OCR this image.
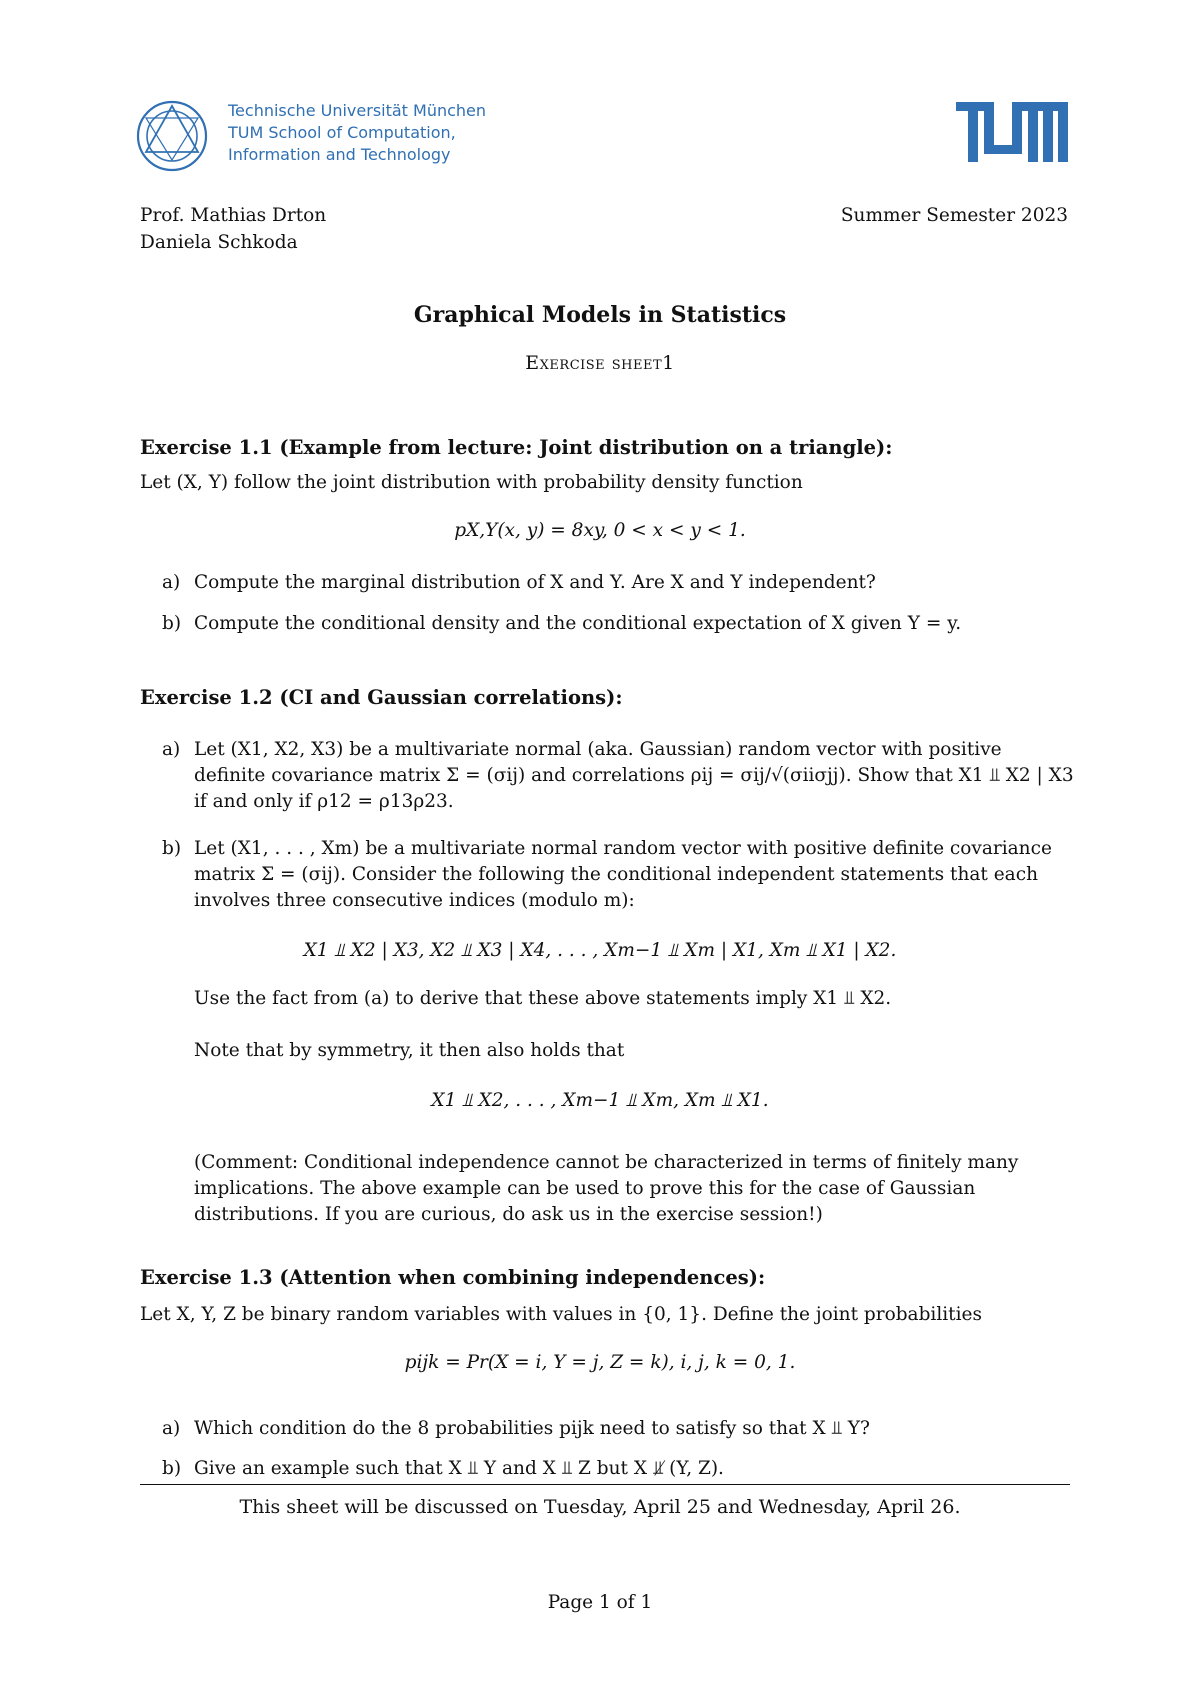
Technische Universität München
TUM School of Computation,
Information and Technology
Prof. Mathias Drton
Daniela Schkoda
Summer Semester 2023
Graphical Models in Statistics
Exercise sheet1
Exercise 1.1 (Example from lecture: Joint distribution on a triangle):
Let (X, Y) follow the joint distribution with probability density function
pX,Y(x, y) = 8xy, 0 < x < y < 1.
a) Compute the marginal distribution of X and Y. Are X and Y independent?
b) Compute the conditional density and the conditional expectation of X given Y = y.
Exercise 1.2 (CI and Gaussian correlations):
a) Let (X1, X2, X3) be a multivariate normal (aka. Gaussian) random vector with positive
definite covariance matrix Σ = (σij) and correlations ρij = σij/√(σiiσjj). Show that X1 ⫫ X2 | X3
if and only if ρ12 = ρ13ρ23.
b) Let (X1, . . . , Xm) be a multivariate normal random vector with positive definite covariance
matrix Σ = (σij). Consider the following the conditional independent statements that each
involves three consecutive indices (modulo m):
X1 ⫫ X2 | X3, X2 ⫫ X3 | X4, . . . , Xm−1 ⫫ Xm | X1, Xm ⫫ X1 | X2.
Use the fact from (a) to derive that these above statements imply X1 ⫫ X2.
Note that by symmetry, it then also holds that
X1 ⫫ X2, . . . , Xm−1 ⫫ Xm, Xm ⫫ X1.
(Comment: Conditional independence cannot be characterized in terms of finitely many
implications. The above example can be used to prove this for the case of Gaussian
distributions. If you are curious, do ask us in the exercise session!)
Exercise 1.3 (Attention when combining independences):
Let X, Y, Z be binary random variables with values in {0, 1}. Define the joint probabilities
pijk = Pr(X = i, Y = j, Z = k), i, j, k = 0, 1.
a) Which condition do the 8 probabilities pijk need to satisfy so that X ⫫ Y?
b) Give an example such that X ⫫ Y and X ⫫ Z but X ⫫̸ (Y, Z).
This sheet will be discussed on Tuesday, April 25 and Wednesday, April 26.
Page 1 of 1
